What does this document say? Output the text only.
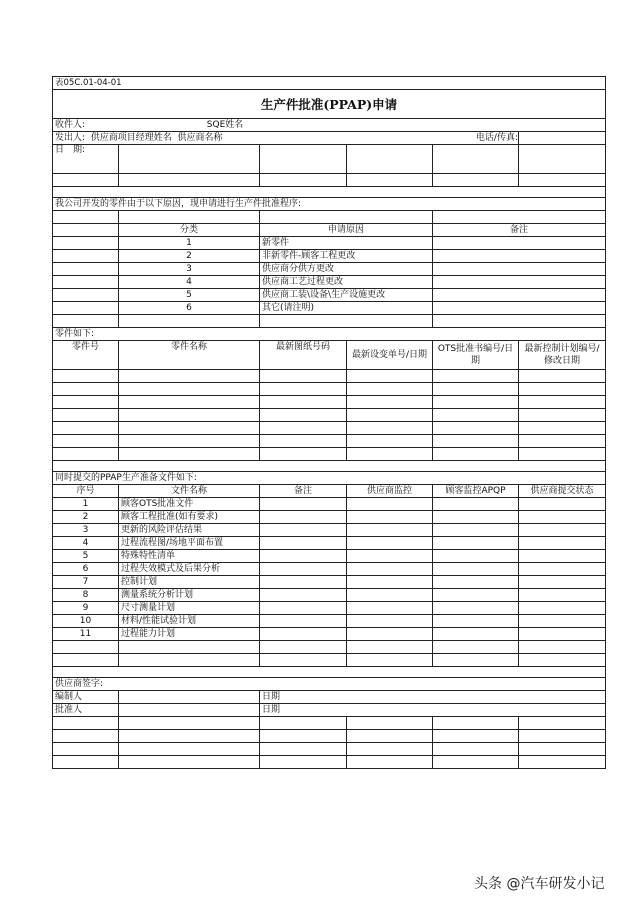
表05C.01-04-01					
生产件批准(PPAP)申请					
收件人: SQE姓名					
发出人: 供应商项目经理姓名 供应商名称 电话/传真:					

日　期:					

我公司开发的零件由于以下原因，现申请进行生产件批准程序:					

	分类	申请原因		备注	
	1	新零件			
	2	非新零件-顾客工程更改			
	3	供应商分供方更改			
	4	供应商工艺过程更改			
	5	供应商工装\设备\生产设施更改			
	6	其它(请注明)			

零件如下:					
零件号	零件名称	最新图纸号码	最新设变单号/日期	OTS批准书编号/日期	最新控制计划编号/修改日期

同时提交的PPAP生产准备文件如下:					
序号	文件名称	备注	供应商监控	顾客监控APQP	供应商提交状态
1	顾客OTS批准文件				
2	顾客工程批准(如有要求)				
3	更新的风险评估结果				
4	过程流程图/场地平面布置				
5	特殊特性清单				
6	过程失效模式及后果分析				
7	控制计划				
8	测量系统分析计划				
9	尺寸测量计划				
10	材料/性能试验计划				
11	过程能力计划				

供应商签字:					
编制人		日期			
批准人		日期			

头条 @汽车研发小记
